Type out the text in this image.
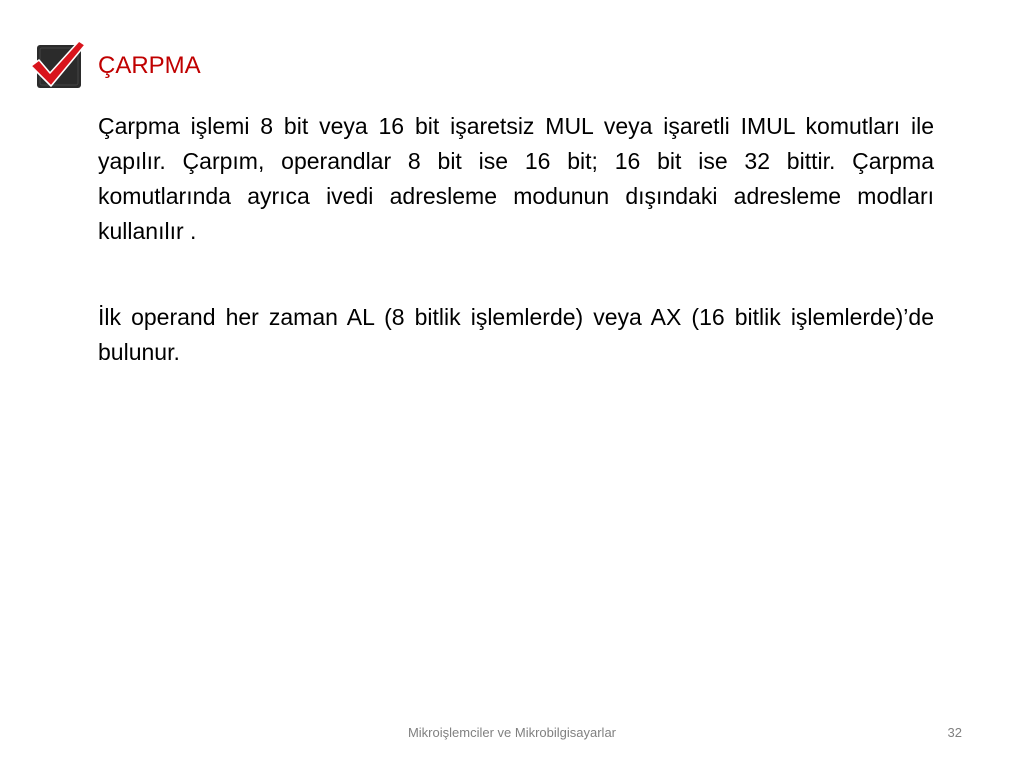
ÇARPMA

Çarpma işlemi 8 bit veya 16 bit işaretsiz MUL veya işaretli IMUL komutları ile yapılır. Çarpım, operandlar 8 bit ise 16 bit; 16 bit ise 32 bittir. Çarpma komutlarında ayrıca ivedi adresleme modunun dışındaki adresleme modları kullanılır .

İlk operand her zaman AL (8 bitlik işlemlerde) veya AX (16 bitlik işlemlerde)’de bulunur.

Mikroişlemciler ve Mikrobilgisayarlar	32
